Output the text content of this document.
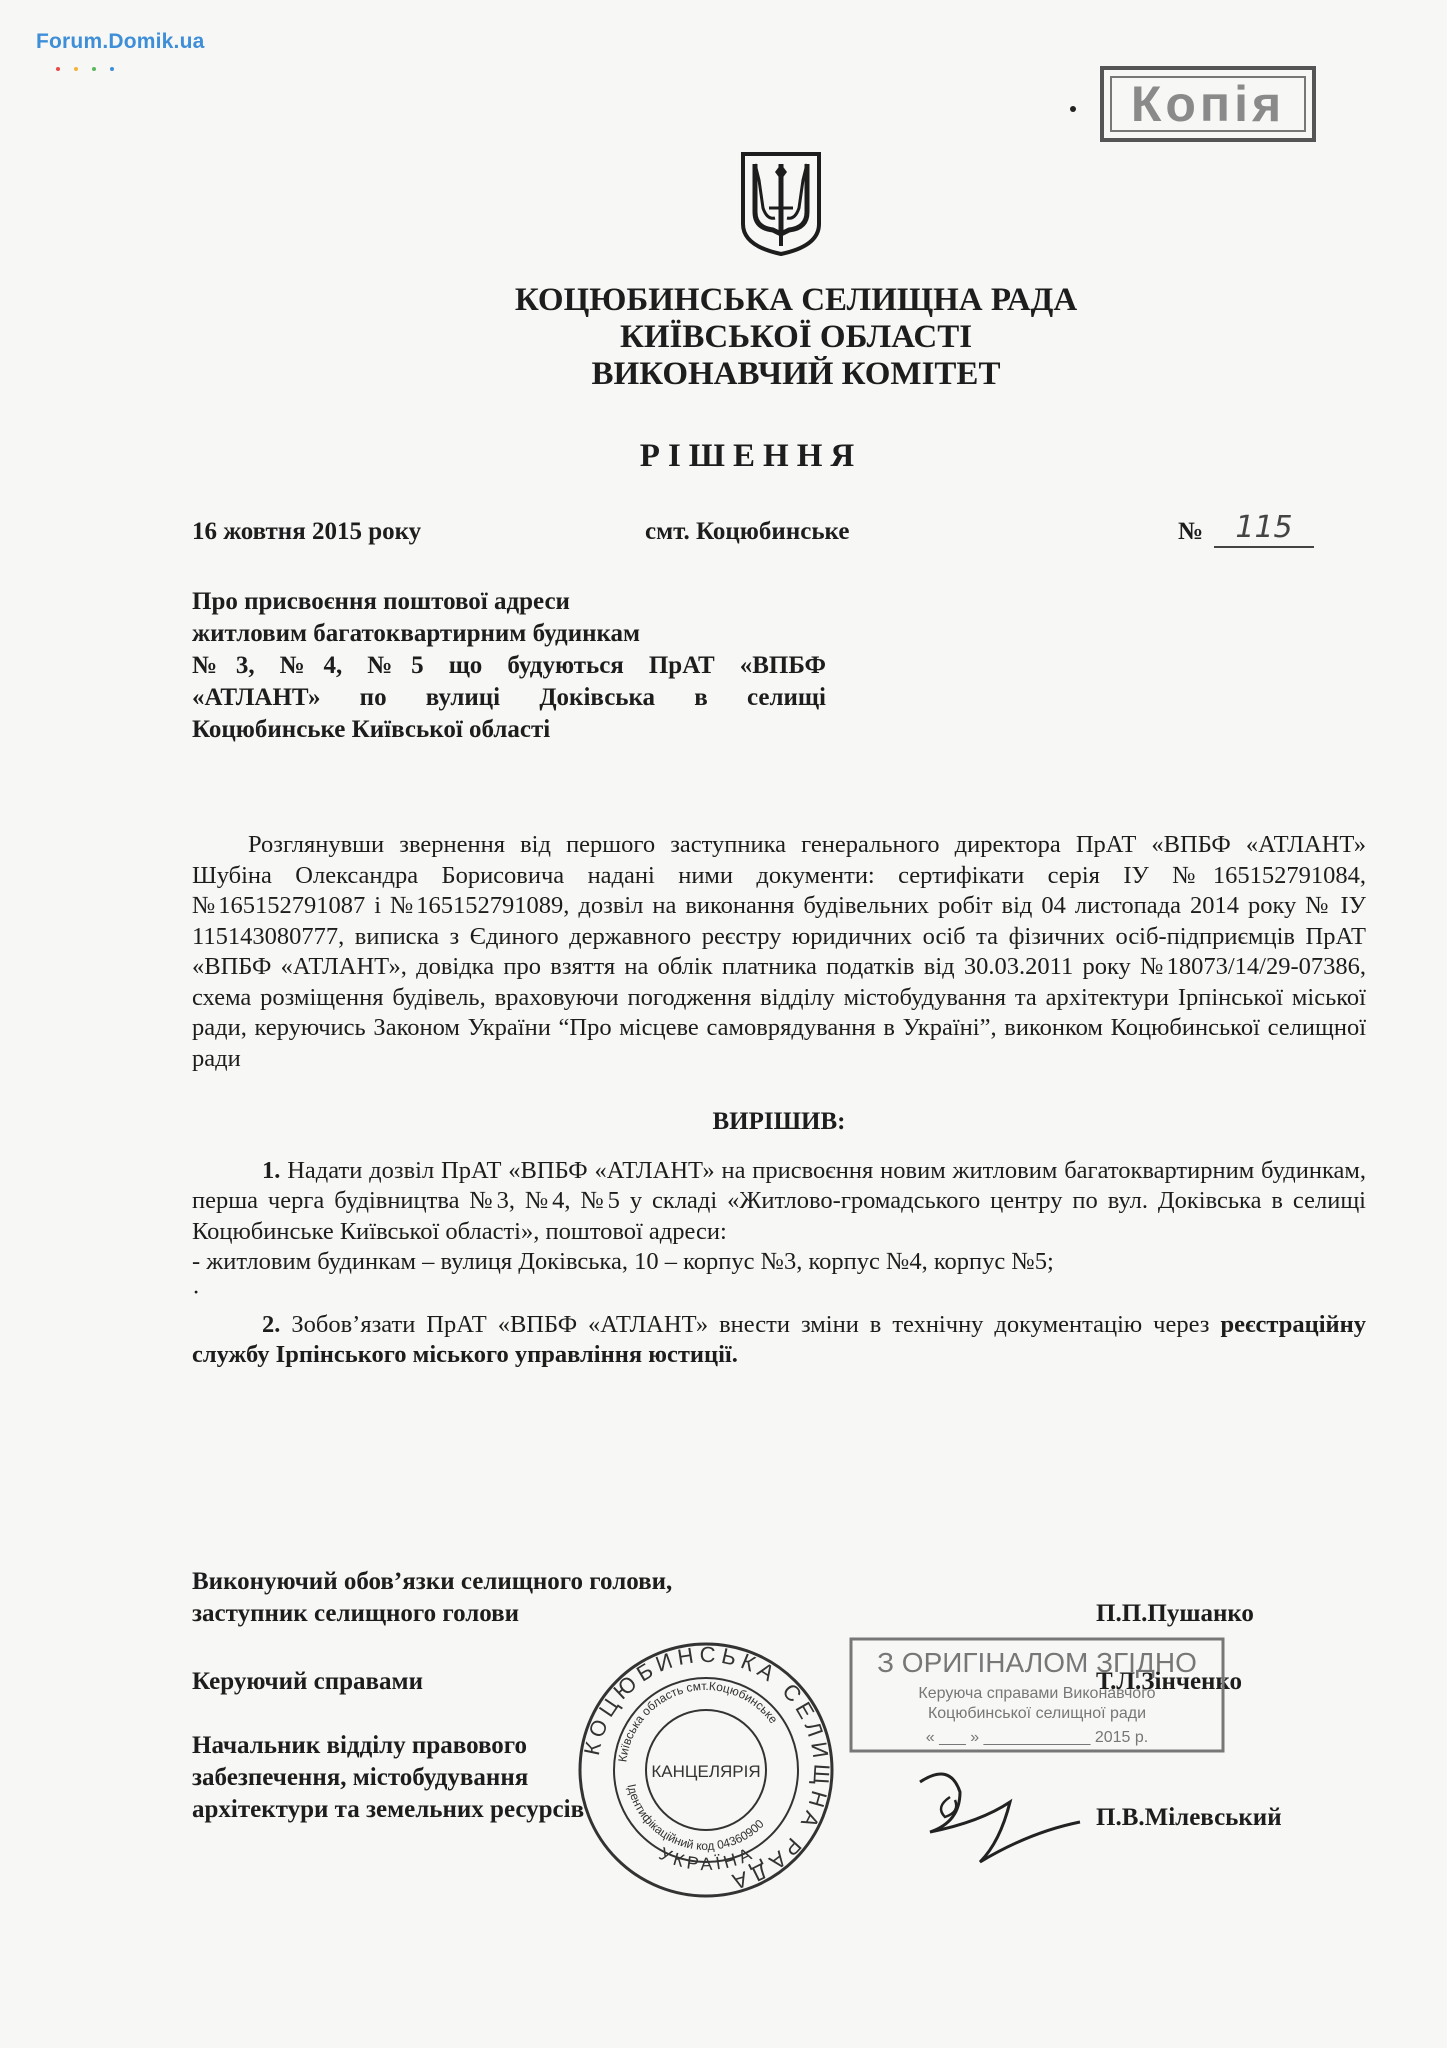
Forum.Domik.ua
Копія
КОЦЮБИНСЬКА СЕЛИЩНА РАДА
КИЇВСЬКОЇ ОБЛАСТІ
ВИКОНАВЧИЙ КОМІТЕТ
РІШЕННЯ
16 жовтня 2015 року	смт. Коцюбинське	№	115

Про присвоєння поштової адреси

житловим багатоквартирним будинкам

№3, №4, №5 що будуються ПрАТ «ВПБФ

«АТЛАНТ» по вулиці Доківська в селищі

Коцюбинське Київської області

Розглянувши звернення від першого заступника генерального директора ПрАТ «ВПБФ «АТЛАНТ» Шубіна Олександра Борисовича надані ними документи: сертифікати серія ІУ №165152791084, №165152791087 і №165152791089, дозвіл на виконання будівельних робіт від 04 листопада 2014 року № ІУ 115143080777, виписка з Єдиного державного реєстру юридичних осіб та фізичних осіб-підприємців ПрАТ «ВПБФ «АТЛАНТ», довідка про взяття на облік платника податків від 30.03.2011 року №18073/14/29-07386, схема розміщення будівель, враховуючи погодження відділу містобудування та архітектури Ірпінської міської ради, керуючись Законом України “Про місцеве самоврядування в Україні”, виконком Коцюбинської селищної ради

ВИРІШИВ:

1. Надати дозвіл ПрАТ «ВПБФ «АТЛАНТ» на присвоєння новим житловим багатоквартирним будинкам, перша черга будівництва №3, №4, №5 у складі «Житлово-громадського центру по вул. Доківська в селищі Коцюбинське Київської області», поштової адреси:

- житловим будинкам – вулиця Доківська, 10 – корпус №3, корпус №4, корпус №5;

·

2. Зобов’язати ПрАТ «ВПБФ «АТЛАНТ» внести зміни в технічну документацію через реєстраційну службу Ірпінського міського управління юстиції.

Виконуючий обов’язки селищного голови,

заступник селищного голови	П.П.Пушанко
Керуючий справами	Т.Л.Зінченко

Начальник відділу правового

забезпечення, містобудування

архітектури та земельних ресурсів	П.В.Мілевський
З ОРИГІНАЛОМ ЗГІДНО
Керуюча справами Виконавчого
Коцюбинської селищної ради
« ___ » ____________ 2015 р.
КОЦЮБИНСЬКА СЕЛИЩНА РАДА
Київська область смт.Коцюбинське
Ідентифікаційний код 04360900
УКРАЇНА
КАНЦЕЛЯРІЯ
